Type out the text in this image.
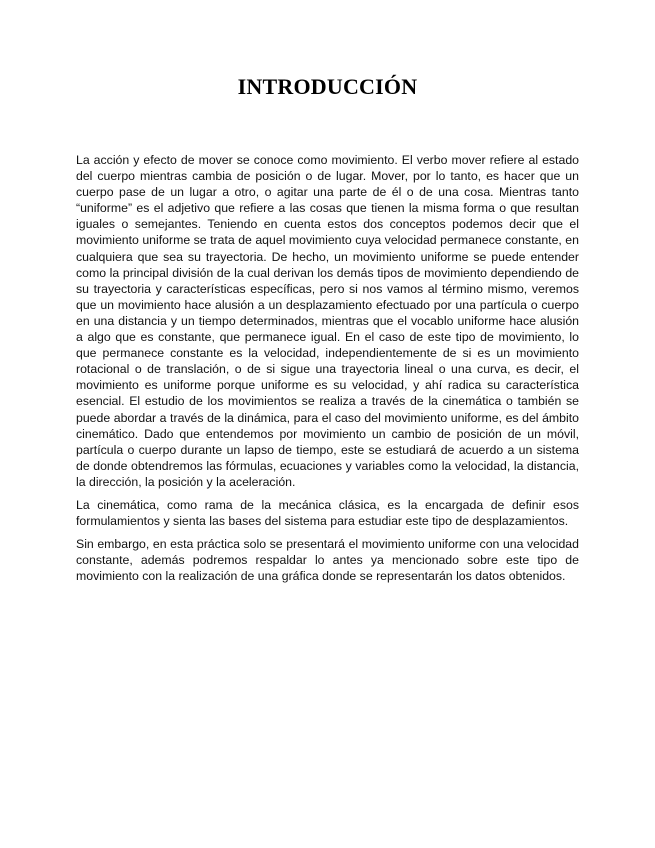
INTRODUCCIÓN

La acción y efecto de mover se conoce como movimiento. El verbo mover refiere al estado del cuerpo mientras cambia de posición o de lugar. Mover, por lo tanto, es hacer que un cuerpo pase de un lugar a otro, o agitar una parte de él o de una cosa. Mientras tanto “uniforme” es el adjetivo que refiere a las cosas que tienen la misma forma o que resultan iguales o semejantes. Teniendo en cuenta estos dos conceptos podemos decir que el movimiento uniforme se trata de aquel movimiento cuya velocidad permanece constante, en cualquiera que sea su trayectoria. De hecho, un movimiento uniforme se puede entender como la principal división de la cual derivan los demás tipos de movimiento dependiendo de su trayectoria y características específicas, pero si nos vamos al término mismo, veremos que un movimiento hace alusión a un desplazamiento efectuado por una partícula o cuerpo en una distancia y un tiempo determinados, mientras que el vocablo uniforme hace alusión a algo que es constante, que permanece igual. En el caso de este tipo de movimiento, lo que permanece constante es la velocidad, independientemente de si es un movimiento rotacional o de translación, o de si sigue una trayectoria lineal o una curva, es decir, el movimiento es uniforme porque uniforme es su velocidad, y ahí radica su característica esencial. El estudio de los movimientos se realiza a través de la cinemática o también se puede abordar a través de la dinámica, para el caso del movimiento uniforme, es del ámbito cinemático. Dado que entendemos por movimiento un cambio de posición de un móvil, partícula o cuerpo durante un lapso de tiempo, este se estudiará de acuerdo a un sistema de donde obtendremos las fórmulas, ecuaciones y variables como la velocidad, la distancia, la dirección, la posición y la aceleración.

La cinemática, como rama de la mecánica clásica, es la encargada de definir esos formulamientos y sienta las bases del sistema para estudiar este tipo de desplazamientos.

Sin embargo, en esta práctica solo se presentará el movimiento uniforme con una velocidad constante, además podremos respaldar lo antes ya mencionado sobre este tipo de movimiento con la realización de una gráfica donde se representarán los datos obtenidos.
